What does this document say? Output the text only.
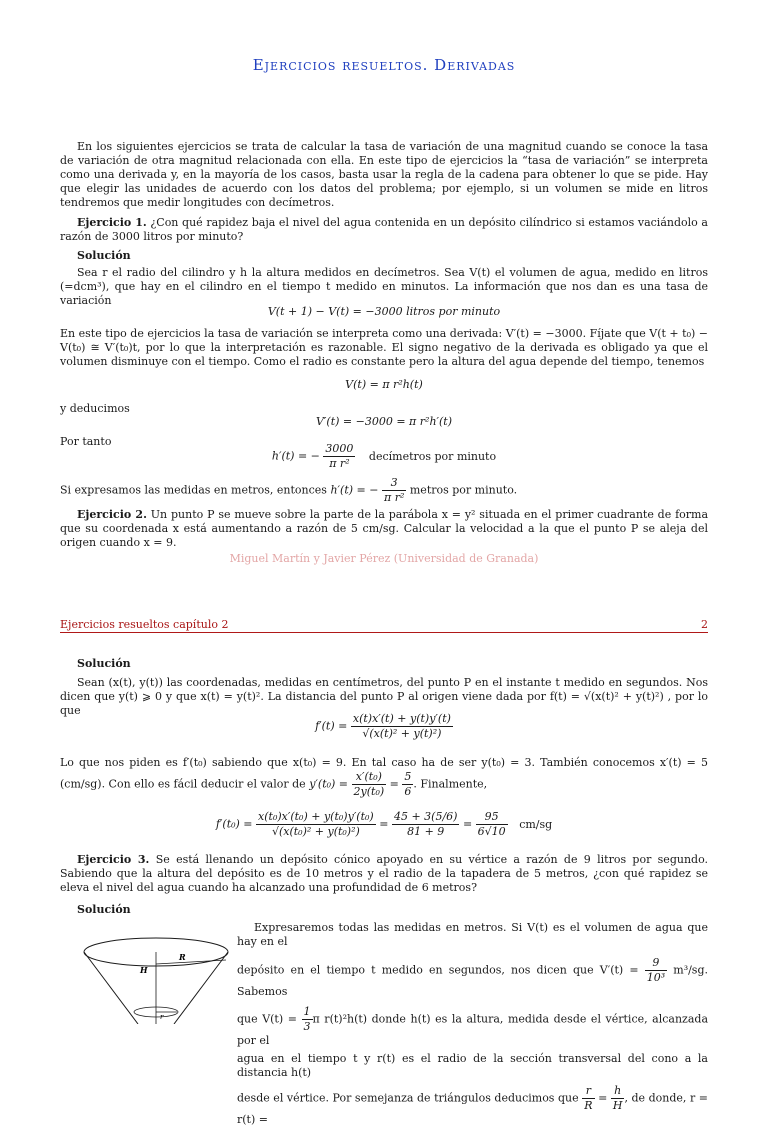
Ejercicios resueltos. Derivadas

En los siguientes ejercicios se trata de calcular la tasa de variación de una magnitud cuando se conoce la tasa de variación de otra magnitud relacionada con ella. En este tipo de ejercicios la “tasa de variación” se interpreta como una derivada y, en la mayoría de los casos, basta usar la regla de la cadena para obtener lo que se pide. Hay que elegir las unidades de acuerdo con los datos del problema; por ejemplo, si un volumen se mide en litros tendremos que medir longitudes con decímetros.

Ejercicio 1. ¿Con qué rapidez baja el nivel del agua contenida en un depósito cilíndrico si estamos vaciándolo a razón de 3000 litros por minuto?

Solución

Sea r el radio del cilindro y h la altura medidos en decímetros. Sea V(t) el volumen de agua, medido en litros (=dcm³), que hay en el cilindro en el tiempo t medido en minutos. La información que nos dan es una tasa de variación

V(t + 1) − V(t) = −3000 litros por minuto

En este tipo de ejercicios la tasa de variación se interpreta como una derivada: V′(t) = −3000. Fíjate que V(t + t₀) − V(t₀) ≅ V′(t₀)t, por lo que la interpretación es razonable. El signo negativo de la derivada es obligado ya que el volumen disminuye con el tiempo. Como el radio es constante pero la altura del agua depende del tiempo, tenemos

V(t) = π r²h(t)

y deducimos

V′(t) = −3000 = π r²h′(t)

Por tanto

h′(t) = − $\frac{3000}{\text{π r²}}$ decímetros por minuto

Si expresamos las medidas en metros, entonces h′(t) = − $\frac{3}{\text{π r²}}$ metros por minuto.

Ejercicio 2. Un punto P se mueve sobre la parte de la parábola x = y² situada en el primer cuadrante de forma que su coordenada x está aumentando a razón de 5 cm/sg. Calcular la velocidad a la que el punto P se aleja del origen cuando x = 9.

Miguel Martín y Javier Pérez (Universidad de Granada)
Ejercicios resueltos capítulo 2	2

Solución

Sean (x(t), y(t)) las coordenadas, medidas en centímetros, del punto P en el instante t medido en segundos. Nos dicen que y(t) ⩾ 0 y que x(t) = y(t)². La distancia del punto P al origen viene dada por f(t) = √(x(t)² + y(t)²) , por lo que

$f'(t) = \frac{x(t)x'(t) + y(t)y'(t)}{\text{√(x(t)² + y(t)²)}}$

Lo que nos piden es f′(t₀) sabiendo que x(t₀) = 9. En tal caso ha de ser y(t₀) = 3. También conocemos x′(t) = 5 (cm/sg). Con ello es fácil deducir el valor de $y'(t_0) = \frac{\text{x′(t₀)}}{\text{2y(t₀)}} = \frac{5}{6}$ . Finalmente,

$f'(t_0) = \frac{\text{x(t₀)x′(t₀) + y(t₀)y′(t₀)}}{\text{√(x(t₀)² + y(t₀)²)}} = \frac{45 + 3(5/6)}{81 + 9} = \frac{95}{6√10} cm/sg$

Ejercicio 3. Se está llenando un depósito cónico apoyado en su vértice a razón de 9 litros por segundo. Sabiendo que la altura del depósito es de 10 metros y el radio de la tapadera de 5 metros, ¿con qué rapidez se eleva el nivel del agua cuando ha alcanzado una profundidad de 6 metros?

Solución

R
H
r

Expresaremos todas las medidas en metros. Si V(t) es el volumen de agua que hay en el

depósito en el tiempo t medido en segundos, nos dicen que $V'(t) = \frac{9}{\text{10³}} m^3/sg$. Sabemos

que $V(t) = \frac{1}{3}$ π r(t)²h(t) donde h(t) es la altura, medida desde el vértice, alcanzada por el

agua en el tiempo t y r(t) es el radio de la sección transversal del cono a la distancia h(t)

desde el vértice. Por semejanza de triángulos deducimos que $\frac{r}{R} = \frac{h}{H}$ , de donde, r = r(t) =
